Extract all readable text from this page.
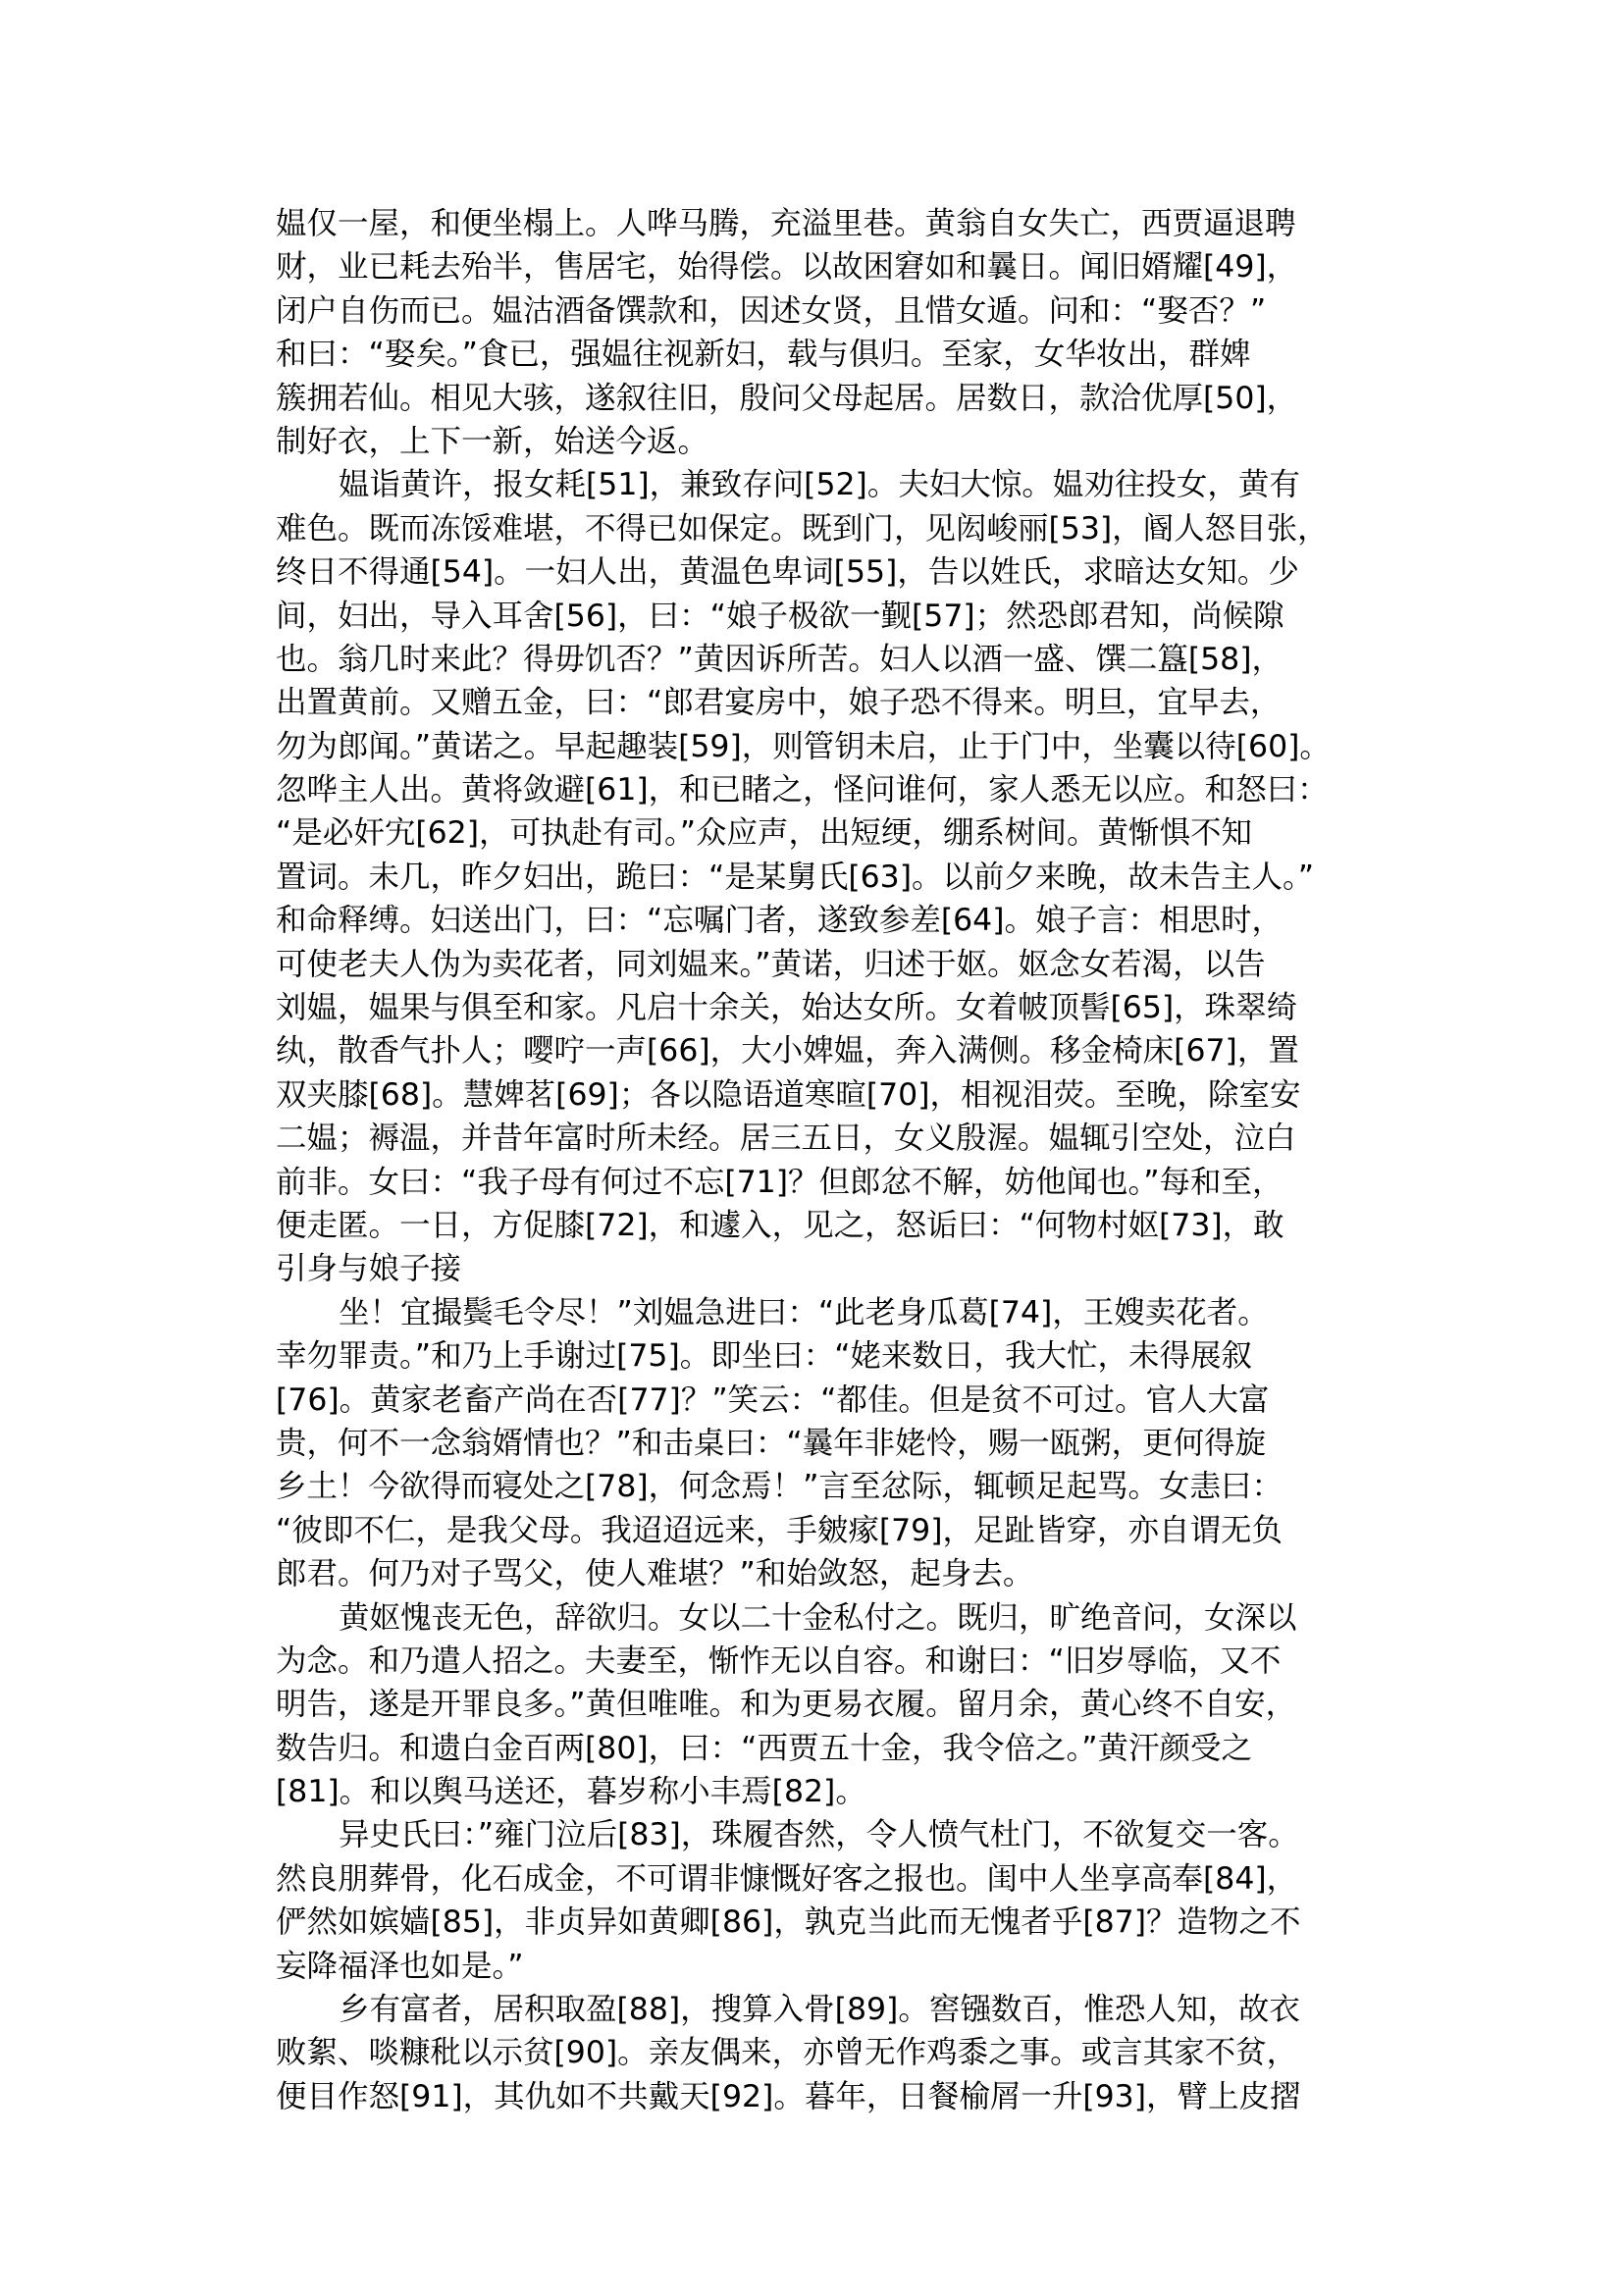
媪仅一屋，和便坐榻上。人哗马腾，充溢里巷。黄翁自女失亡，西贾逼退聘
财，业已耗去殆半，售居宅，始得偿。以故困窘如和曩日。闻旧婿耀[49]，
闭户自伤而已。媪沽酒备馔款和，因述女贤，且惜女遁。问和：“娶否？”
和曰：“娶矣。”食已，强媪往视新妇，载与俱归。至家，女华妆出，群婢
簇拥若仙。相见大骇，遂叙往旧，殷问父母起居。居数日，款洽优厚[50]，
制好衣，上下一新，始送今返。
媪诣黄许，报女耗[51]，兼致存问[52]。夫妇大惊。媪劝往投女，黄有
难色。既而冻馁难堪，不得已如保定。既到门，见闳峻丽[53]，阍人怒目张，
终日不得通[54]。一妇人出，黄温色卑词[55]，告以姓氏，求暗达女知。少
间，妇出，导入耳舍[56]，曰：“娘子极欲一觐[57]；然恐郎君知，尚候隙
也。翁几时来此？得毋饥否？”黄因诉所苦。妇人以酒一盛、馔二簋[58]，
出置黄前。又赠五金，曰：“郎君宴房中，娘子恐不得来。明旦，宜早去，
勿为郎闻。”黄诺之。早起趣装[59]，则管钥未启，止于门中，坐囊以待[60]。
忽哗主人出。黄将敛避[61]，和已睹之，怪问谁何，家人悉无以应。和怒曰：
“是必奸宄[62]，可执赴有司。”众应声，出短绠，绷系树间。黄惭惧不知
置词。未几，昨夕妇出，跪曰：“是某舅氏[63]。以前夕来晚，故未告主人。”
和命释缚。妇送出门，曰：“忘嘱门者，遂致参差[64]。娘子言：相思时，
可使老夫人伪为卖花者，同刘媪来。”黄诺，归述于妪。妪念女若渴，以告
刘媪，媪果与俱至和家。凡启十余关，始达女所。女着帔顶髻[65]，珠翠绮
纨，散香气扑人；嘤咛一声[66]，大小婢媪，奔入满侧。移金椅床[67]，置
双夹膝[68]。慧婢茗[69]；各以隐语道寒暄[70]，相视泪荧。至晚，除室安
二媪；褥温，并昔年富时所未经。居三五日，女义殷渥。媪辄引空处，泣白
前非。女曰：“我子母有何过不忘[71]？但郎忿不解，妨他闻也。”每和至，
便走匿。一日，方促膝[72]，和遽入，见之，怒诟曰：“何物村妪[73]，敢
引身与娘子接
坐！宜撮鬓毛令尽！”刘媪急进曰：“此老身瓜葛[74]，王嫂卖花者。
幸勿罪责。”和乃上手谢过[75]。即坐曰：“姥来数日，我大忙，未得展叙
[76]。黄家老畜产尚在否[77]？”笑云：“都佳。但是贫不可过。官人大富
贵，何不一念翁婿情也？”和击桌曰：“曩年非姥怜，赐一瓯粥，更何得旋
乡土！今欲得而寝处之[78]，何念焉！”言至忿际，辄顿足起骂。女恚曰：
“彼即不仁，是我父母。我迢迢远来，手皴瘃[79]，足趾皆穿，亦自谓无负
郎君。何乃对子骂父，使人难堪？”和始敛怒，起身去。
黄妪愧丧无色，辞欲归。女以二十金私付之。既归，旷绝音问，女深以
为念。和乃遣人招之。夫妻至，惭怍无以自容。和谢曰：“旧岁辱临，又不
明告，遂是开罪良多。”黄但唯唯。和为更易衣履。留月余，黄心终不自安，
数告归。和遗白金百两[80]，曰：“西贾五十金，我令倍之。”黄汗颜受之
[81]。和以舆马送还，暮岁称小丰焉[82]。
异史氏曰：”雍门泣后[83]，珠履杳然，令人愤气杜门，不欲复交一客。
然良朋葬骨，化石成金，不可谓非慷慨好客之报也。闺中人坐享高奉[84]，
俨然如嫔嫱[85]，非贞异如黄卿[86]，孰克当此而无愧者乎[87]？造物之不
妄降福泽也如是。”
乡有富者，居积取盈[88]，搜算入骨[89]。窖镪数百，惟恐人知，故衣
败絮、啖糠秕以示贫[90]。亲友偶来，亦曾无作鸡黍之事。或言其家不贫，
便目作怒[91]，其仇如不共戴天[92]。暮年，日餐榆屑一升[93]，臂上皮摺
